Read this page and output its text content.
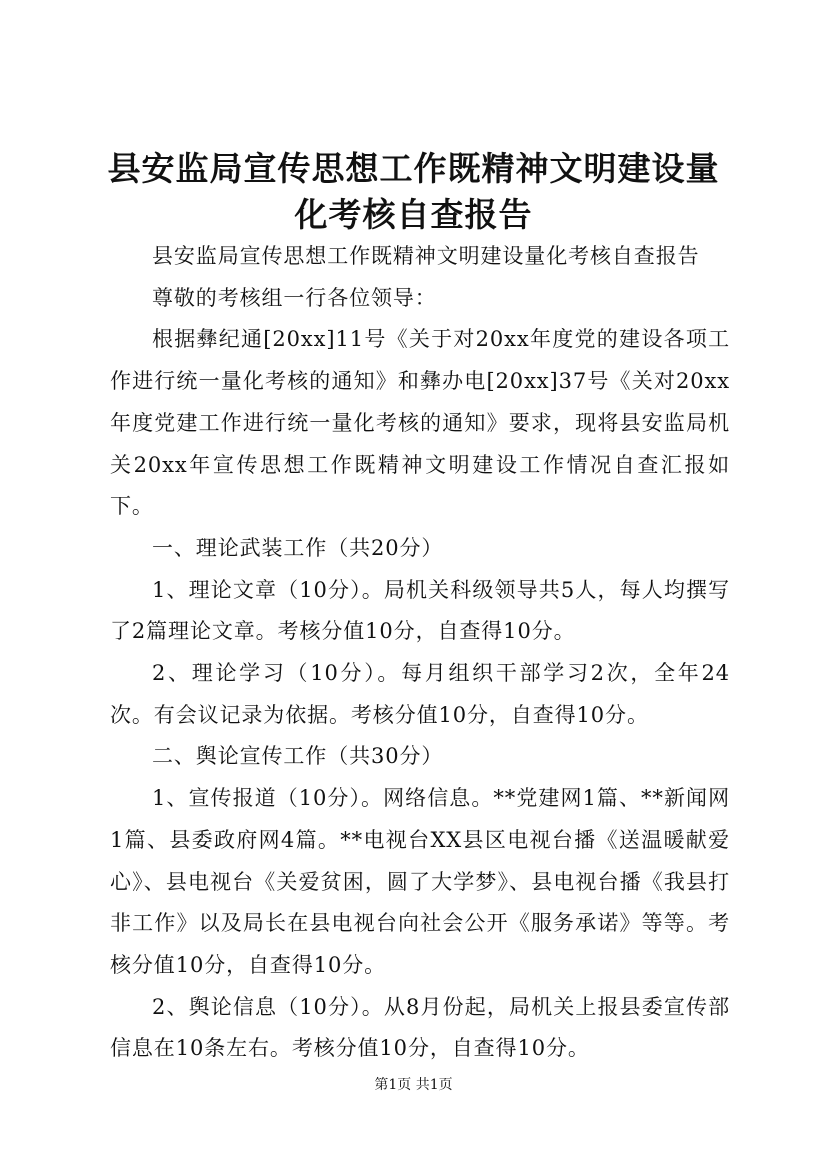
县安监局宣传思想工作既精神文明建设量化考核自查报告

县安监局宣传思想工作既精神文明建设量化考核自查报告

尊敬的考核组一行各位领导：

根据彝纪通[20xx]11号《关于对20xx年度党的建设各项工作进行统一量化考核的通知》和彝办电[20xx]37号《关对20xx年度党建工作进行统一量化考核的通知》要求，现将县安监局机关20xx年宣传思想工作既精神文明建设工作情况自查汇报如下。

一、理论武装工作（共20分）

1、理论文章（10分）。局机关科级领导共5人，每人均撰写了2篇理论文章。考核分值10分，自查得10分。

2、理论学习（10分）。每月组织干部学习2次，全年24次。有会议记录为依据。考核分值10分，自查得10分。

二、舆论宣传工作（共30分）

1、宣传报道（10分）。网络信息。**党建网1篇、**新闻网1篇、县委政府网4篇。**电视台XX县区电视台播《送温暖献爱心》、县电视台《关爱贫困，圆了大学梦》、县电视台播《我县打非工作》以及局长在县电视台向社会公开《服务承诺》等等。考核分值10分，自查得10分。

2、舆论信息（10分）。从8月份起，局机关上报县委宣传部信息在10条左右。考核分值10分，自查得10分。

第1页 共1页
